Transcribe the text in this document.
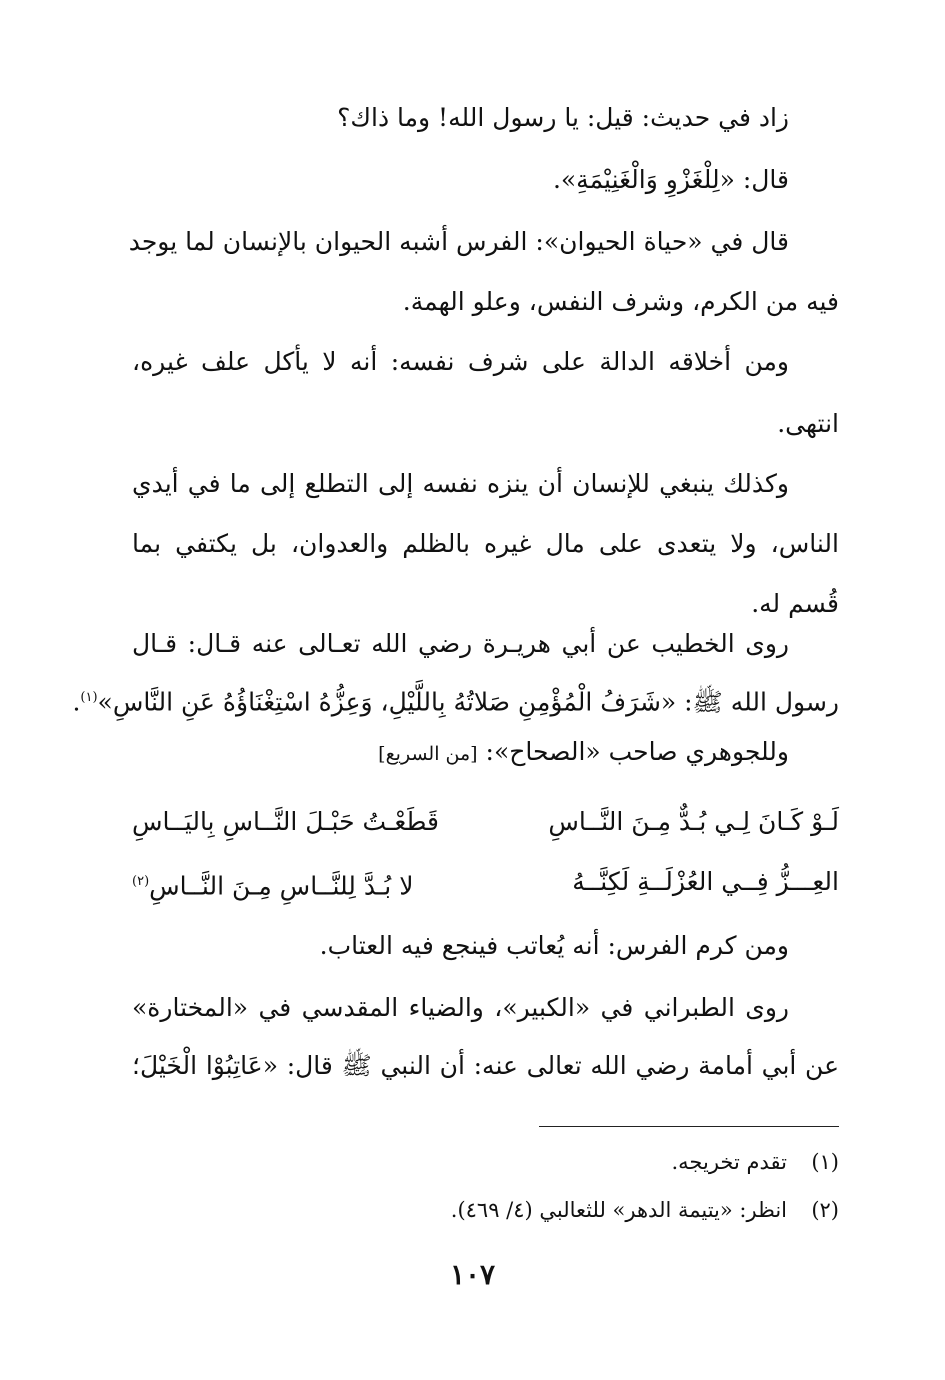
زاد في حديث: قيل: يا رسول الله! وما ذاك؟
قال: «لِلْغَزْوِ وَالْغَنِيْمَةِ».
قال في «حياة الحيوان»: الفرس أشبه الحيوان بالإنسان لما يوجد
فيه من الكرم، وشرف النفس، وعلو الهمة.
ومن أخلاقه الدالة على شرف نفسه: أنه لا يأكل علف غيره،
انتهى.
وكذلك ينبغي للإنسان أن ينزه نفسه إلى التطلع إلى ما في أيدي
الناس، ولا يتعدى على مال غيره بالظلم والعدوان، بل يكتفي بما
قُسم له.
روى الخطيب عن أبي هريـرة رضي الله تعـالى عنه قـال: قـال
رسول الله ﷺ: «شَرَفُ الْمُؤْمِنِ صَلاتُهُ بِاللَّيْلِ، وَعِزُّهُ اسْتِغْنَاؤُهُ عَنِ النَّاسِ»$^{(١)}$.
وللجوهري صاحب «الصحاح»: [من السريع]
لَـوْ كَـانَ لِـي بُـدٌّ مِـنَ النَّــاسِ
قَطَعْـتُ حَبْـلَ النَّــاسِ بِاليَــاسِ
العِـــزُّ فِــي العُزْلَــةِ لَكِنَّــهُ
لا بُـدَّ لِلنَّــاسِ مِـنَ النَّــاسِ$^{(٢)}$
ومن كرم الفرس: أنه يُعاتب فينجع فيه العتاب.
روى الطبراني في «الكبير»، والضياء المقدسي في «المختارة»
عن أبي أمامة رضي الله تعالى عنه: أن النبي ﷺ قال: «عَاتِبُوْا الْخَيْلَ؛
(١)تقدم تخريجه.
(٢)انظر: «يتيمة الدهر» للثعالبي (٤/ ٤٦٩).
١٠٧
